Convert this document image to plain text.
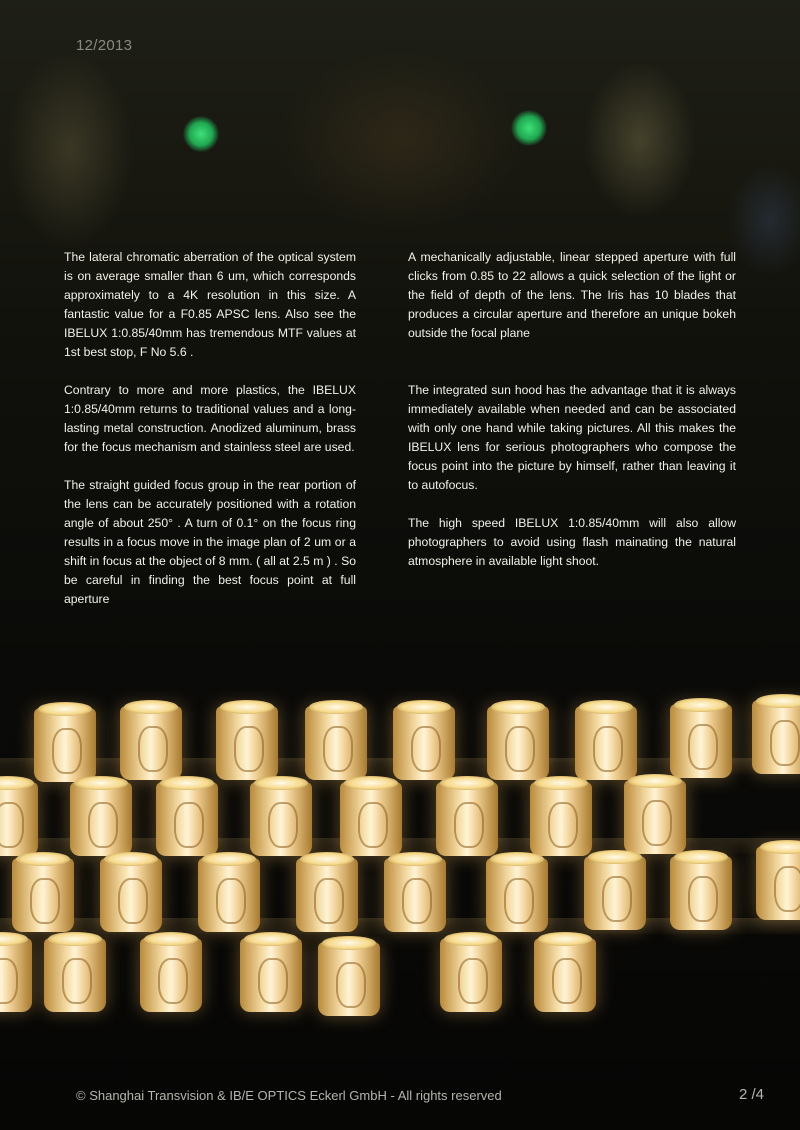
12/2013

The lateral chromatic aberration of the optical system is on average smaller than 6 um, which corresponds approximately to a 4K resolution in this size. A fantastic value for a F0.85 APSC lens. Also see the IBELUX 1:0.85/40mm has tremendous MTF values at 1st best stop, F No 5.6 .

Contrary to more and more plastics, the IBELUX 1:0.85/40mm returns to traditional values and a long-lasting metal construction. Anodized aluminum, brass for the focus mechanism and stainless steel are used.

The straight guided focus group in the rear portion of the lens can be accurately positioned with a rotation angle of about 250° . A turn of 0.1° on the focus ring results in a focus move in the image plan of 2 um or a shift in focus at the object of 8 mm. ( all at 2.5 m ) . So be careful in finding the best focus point at full aperture

A mechanically adjustable, linear stepped aperture with full clicks from 0.85 to 22 allows a quick selection of the light or the field of depth of the lens. The Iris has 10 blades that produces a circular aperture and therefore an unique bokeh outside the focal plane

The integrated sun hood has the advantage that it is always immediately available when needed and can be associated with only one hand while taking pictures. All this makes the IBELUX lens for serious photographers who compose the focus point into the picture by himself, rather than leaving it to autofocus.

The high speed IBELUX 1:0.85/40mm will also allow photographers to avoid using flash mainating the natural atmosphere in available light shoot.

© Shanghai Transvision & IB/E OPTICS Eckerl GmbH - All rights reserved	2 /4
